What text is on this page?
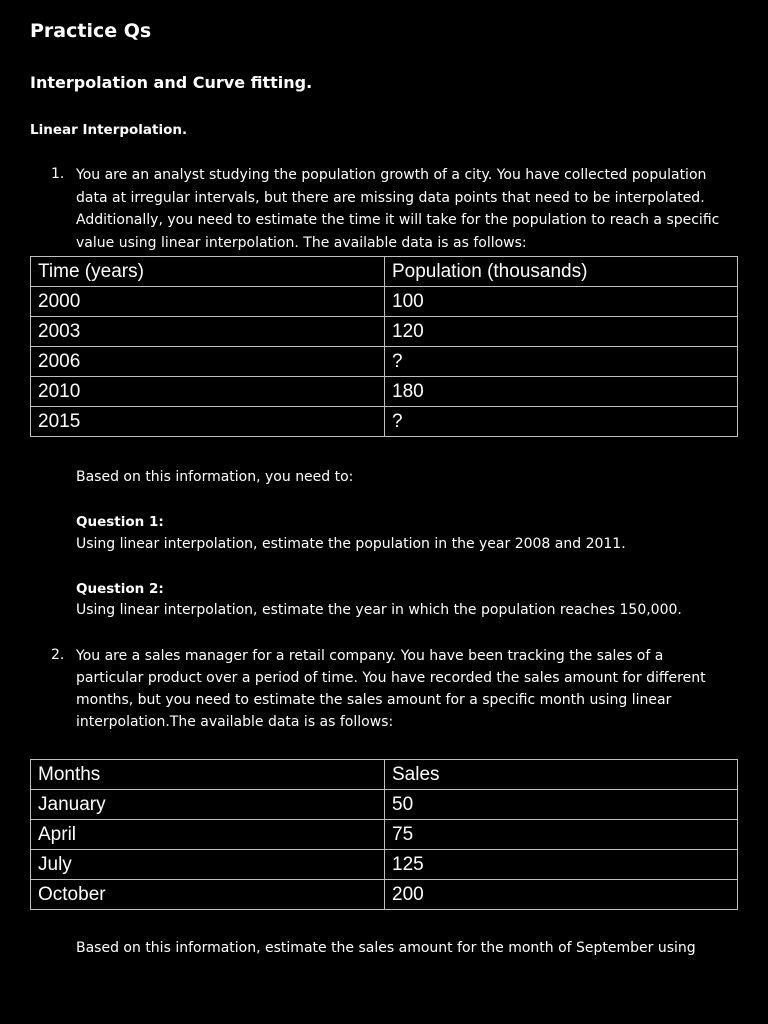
Practice Qs
Interpolation and Curve fitting.
Linear Interpolation.
1. You are an analyst studying the population growth of a city. You have collected population
data at irregular intervals, but there are missing data points that need to be interpolated.
Additionally, you need to estimate the time it will take for the population to reach a specific
value using linear interpolation. The available data is as follows:
Time (years)	Population (thousands)
2000	100
2003	120
2006	?
2010	180
2015	?
Based on this information, you need to:
Question 1:
Using linear interpolation, estimate the population in the year 2008 and 2011.
Question 2:
Using linear interpolation, estimate the year in which the population reaches 150,000.
2. You are a sales manager for a retail company. You have been tracking the sales of a
particular product over a period of time. You have recorded the sales amount for different
months, but you need to estimate the sales amount for a specific month using linear
interpolation.The available data is as follows:
Months	Sales
January	50
April	75
July	125
October	200
Based on this information, estimate the sales amount for the month of September using
